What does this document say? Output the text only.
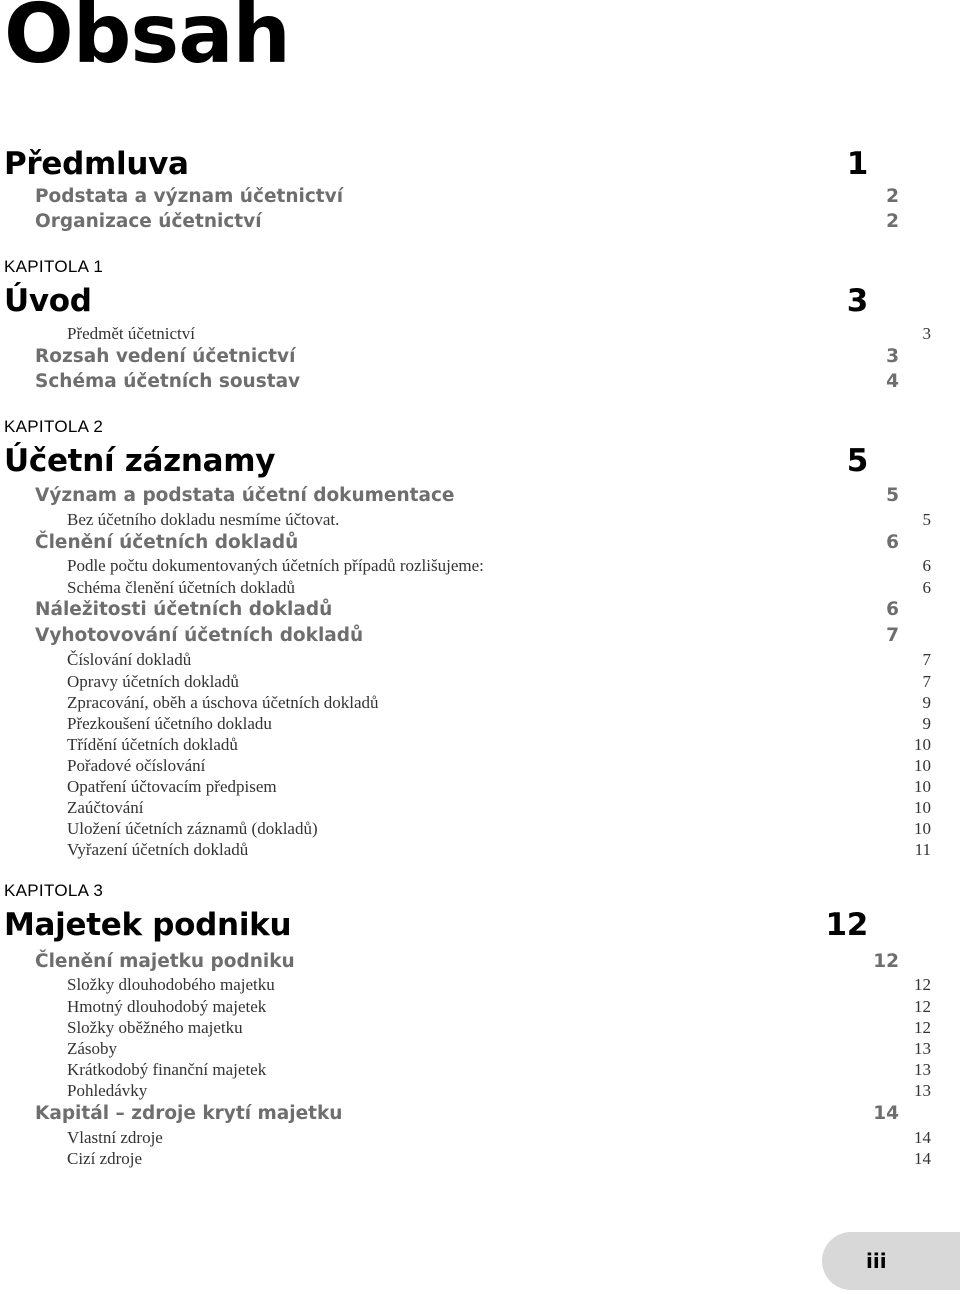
Obsah
Předmluva	1
Podstata a význam účetnictví	2
Organizace účetnictví	2
KAPITOLA 1
Úvod	3
Předmět účetnictví	3
Rozsah vedení účetnictví	3
Schéma účetních soustav	4
KAPITOLA 2
Účetní záznamy	5
Význam a podstata účetní dokumentace	5
Bez účetního dokladu nesmíme účtovat.	5
Členění účetních dokladů	6
Podle počtu dokumentovaných účetních případů rozlišujeme:	6
Schéma členění účetních dokladů	6
Náležitosti účetních dokladů	6
Vyhotovování účetních dokladů	7
Číslování dokladů	7
Opravy účetních dokladů	7
Zpracování, oběh a úschova účetních dokladů	9
Přezkoušení účetního dokladu	9
Třídění účetních dokladů	10
Pořadové očíslování	10
Opatření účtovacím předpisem	10
Zaúčtování	10
Uložení účetních záznamů (dokladů)	10
Vyřazení účetních dokladů	11
KAPITOLA 3
Majetek podniku	12
Členění majetku podniku	12
Složky dlouhodobého majetku	12
Hmotný dlouhodobý majetek	12
Složky oběžného majetku	12
Zásoby	13
Krátkodobý finanční majetek	13
Pohledávky	13
Kapitál – zdroje krytí majetku	14
Vlastní zdroje	14
Cizí zdroje	14
iii
